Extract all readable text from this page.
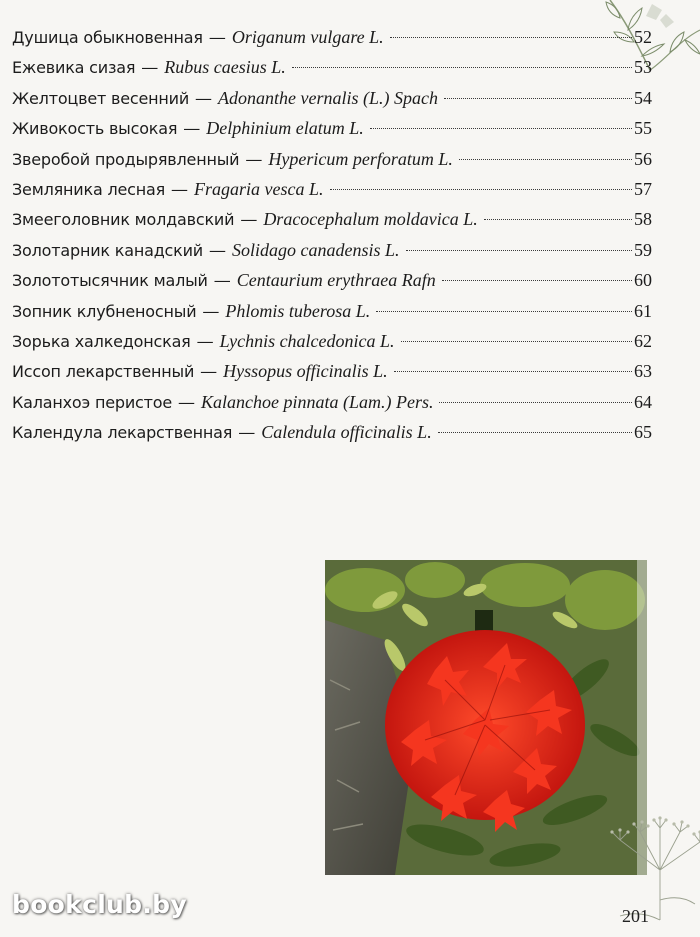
Душица обыкновенная — Origanum vulgare L.	52
Ежевика сизая — Rubus caesius L.	53
Желтоцвет весенний — Adonanthe vernalis (L.) Spach	54
Живокость высокая — Delphinium elatum L.	55
Зверобой продырявленный — Hypericum perforatum L.	56
Земляника лесная — Fragaria vesca L.	57
Змееголовник молдавский — Dracocephalum moldavica L.	58
Золотарник канадский — Solidago canadensis L.	59
Золототысячник малый — Centaurium erythraea Rafn	60
Зопник клубненосный — Phlomis tuberosa L.	61
Зорька халкедонская — Lychnis chalcedonica L.	62
Иссоп лекарственный — Hyssopus officinalis L.	63
Каланхоэ перистое — Kalanchoe pinnata (Lam.) Pers.	64
Календула лекарственная — Calendula officinalis L.	65
bookclub.by	201
